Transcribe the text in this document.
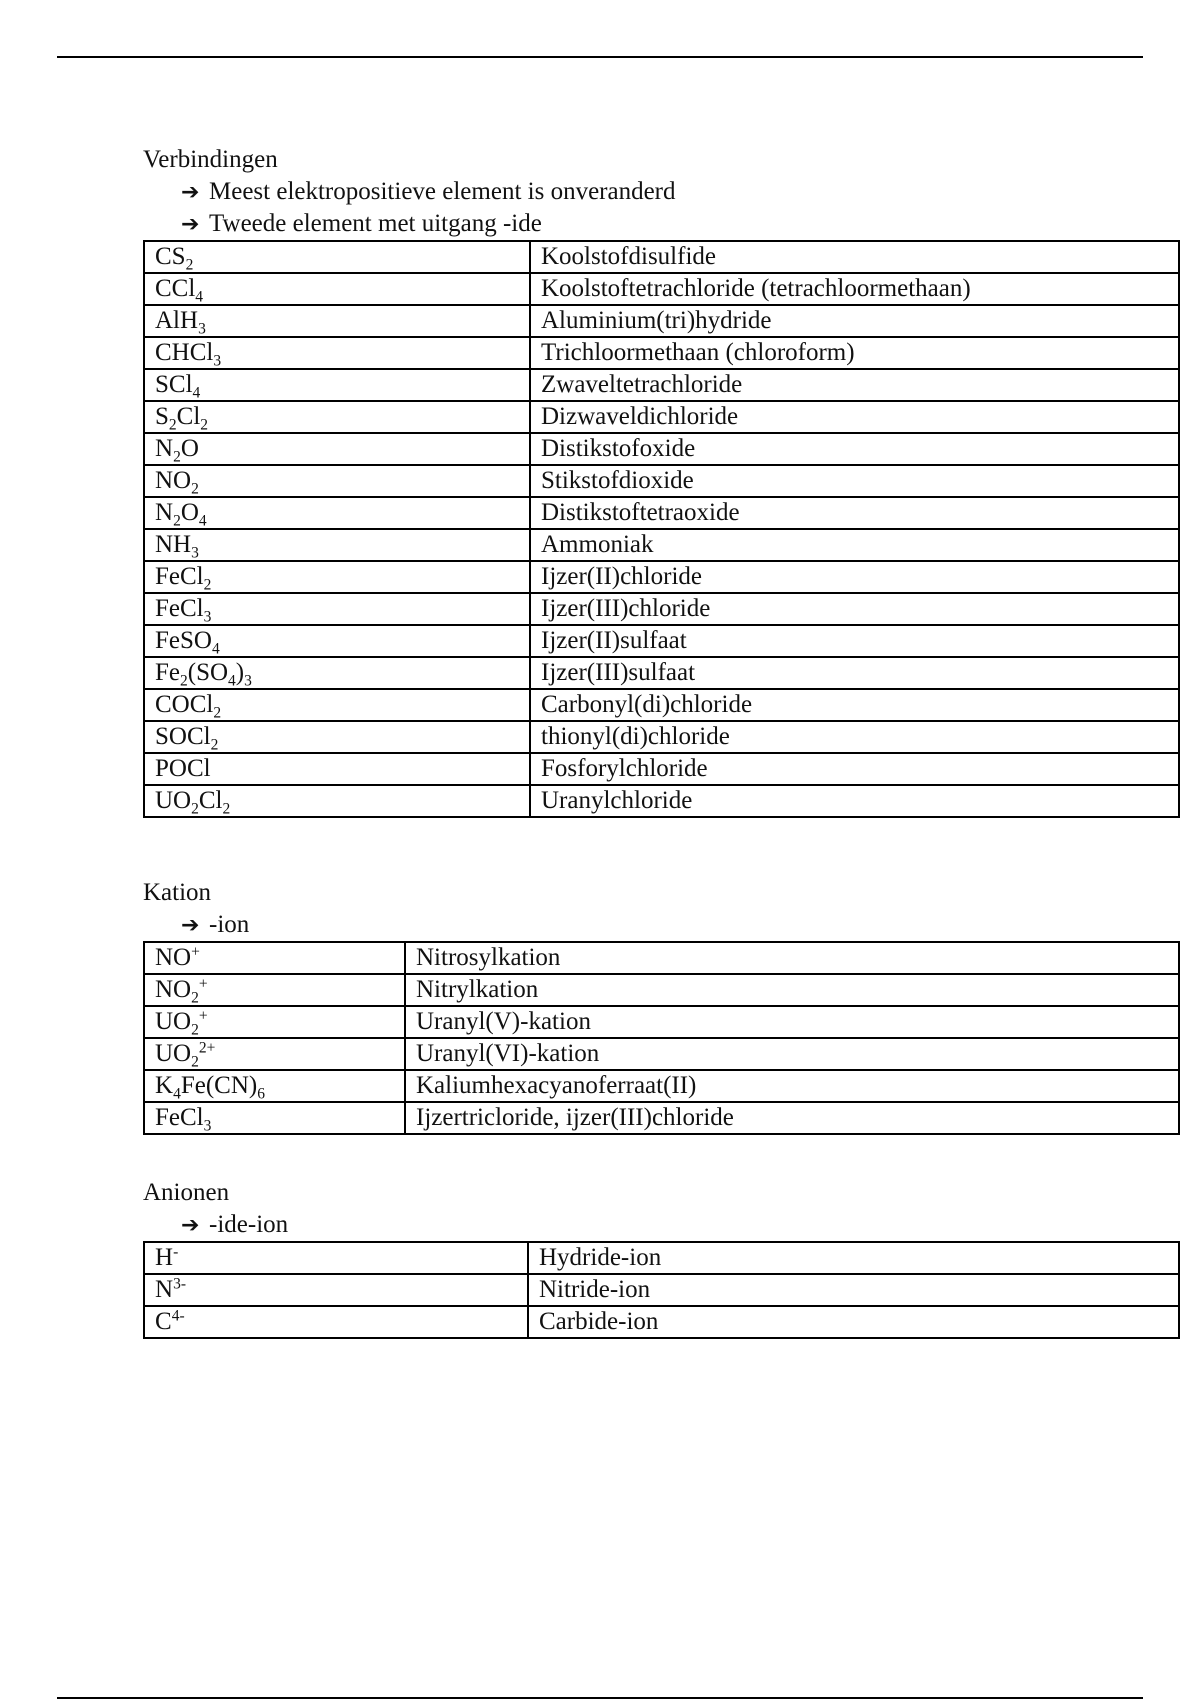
Verbindingen
➔ Meest elektropositieve element is onveranderd
➔ Tweede element met uitgang -ide
$CS_2$	Koolstofdisulfide
CCl$_4$	Koolstoftetrachloride (tetrachloormethaan)
AlH$_3$	Aluminium(tri)hydride
CHCl$_3$	Trichloormethaan (chloroform)
SCl$_4$	Zwaveltetrachloride
$S_2Cl_2$	Dizwaveldichloride
$N_2O$	Distikstofoxide
$NO_2$	Stikstofdioxide
$N_2O_4$	Distikstoftetraoxide
$NH_3$	Ammoniak
FeCl$_2$	Ijzer(II)chloride
FeCl$_3$	Ijzer(III)chloride
FeSO$_4$	Ijzer(II)sulfaat
$Fe_2(SO_4)_3$	Ijzer(III)sulfaat
COCl$_2$	Carbonyl(di)chloride
SOCl$_2$	thionyl(di)chloride
POCl	Fosforylchloride
$UO_2Cl_2$	Uranylchloride
Kation
➔ -ion
NO+	Nitrosylkation
$NO_2^+$	Nitrylkation
$UO_2^+$	Uranyl(V)-kation
$UO_2^{2+}$	Uranyl(VI)-kation
$K_4Fe(CN)_6$	Kaliumhexacyanoferraat(II)
FeCl$_3$	Ijzertricloride, ijzer(III)chloride
Anionen
➔ -ide-ion
H-	Hydride-ion
$N^{3-}$	Nitride-ion
$C^{4-}$	Carbide-ion
